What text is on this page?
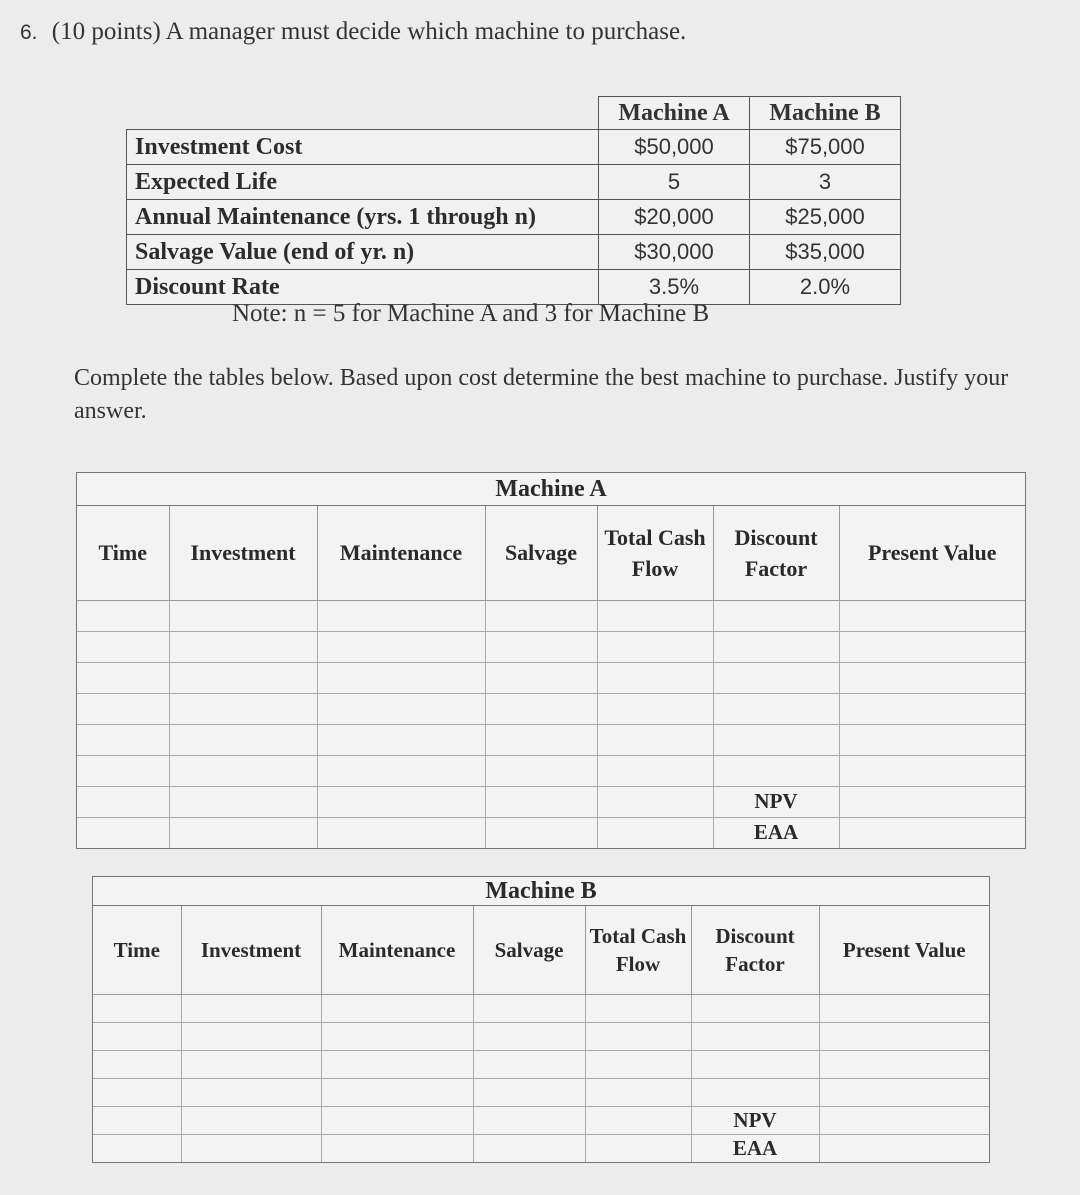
6. (10 points) A manager must decide which machine to purchase.
	Machine A	Machine B
Investment Cost	$50,000	$75,000
Expected Life	5	3
Annual Maintenance (yrs. 1 through n)	$20,000	$25,000
Salvage Value (end of yr. n)	$30,000	$35,000
Discount Rate	3.5%	2.0%
Note: n = 5 for Machine A and 3 for Machine B
Complete the tables below. Based upon cost determine the best machine to purchase. Justify your answer.
Machine A
Time	Investment	Maintenance	Salvage	Total Cash Flow	Discount Factor	Present Value

					NPV	
					EAA	
Machine B
Time	Investment	Maintenance	Salvage	Total Cash Flow	Discount Factor	Present Value

					NPV	
					EAA	
